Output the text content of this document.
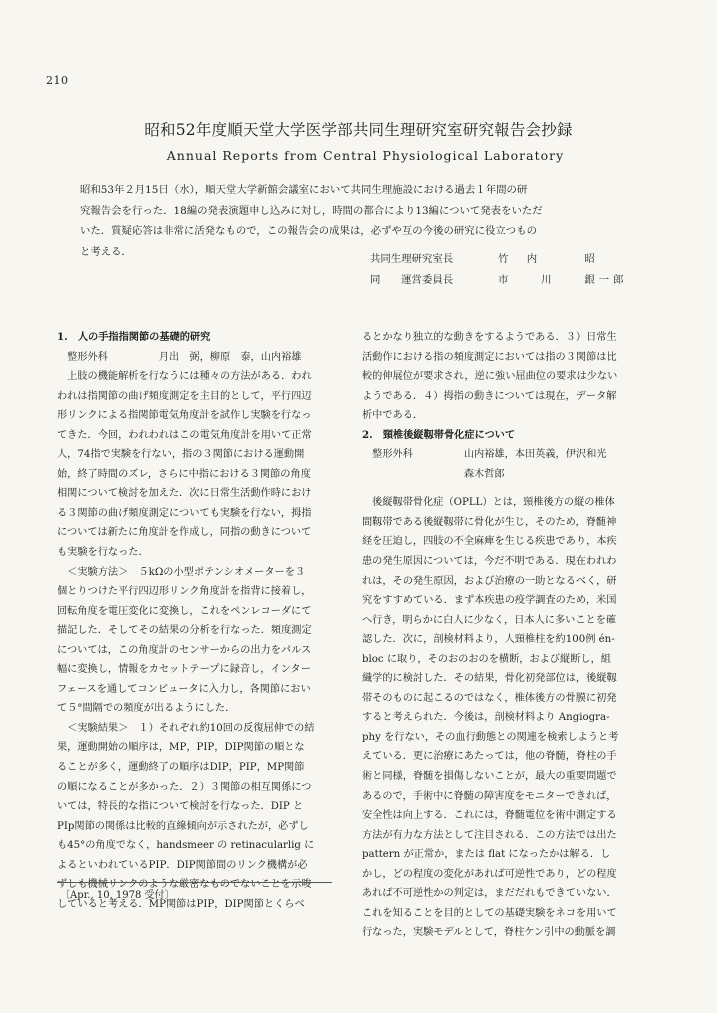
210
昭和52年度順天堂大学医学部共同生理研究室研究報告会抄録
Annual Reports from Central Physiological Laboratory
昭和53年２月15日（水），順天堂大学新館会議室において共同生理施設における過去１年間の研
究報告会を行った．18編の発表演題申し込みに対し，時間の都合により13編について発表をいただ
いた．質疑応答は非常に活発なもので，この報告会の成果は，必ずや互の今後の研究に役立つもの
と考える．
共同生理研究室長	竹　内　　　昭
同　　運営委員長	市　　川　　銀一郎
1.　人の手指指関節の基礎的研究
　整形外科　　　　　月出　弼，柳原　泰，山内裕雄
　上肢の機能解析を行なうには種々の方法がある．われ
われは指関節の曲げ頻度測定を主目的として，平行四辺
形リンクによる指関節電気角度計を試作し実験を行なっ
てきた．今回，われわれはこの電気角度計を用いて正常
人，74指で実験を行ない，指の３関節における運動開
始，終了時間のズレ，さらに中指における３関節の角度
相関について検討を加えた．次に日常生活動作時におけ
る３関節の曲げ頻度測定についても実験を行ない，拇指
については新たに角度計を作成し，同指の動きについて
も実験を行なった．
　＜実験方法＞　５kΩの小型ポテンシオメーターを３
個とりつけた平行四辺形リンク角度計を指背に接着し，
回転角度を電圧変化に変換し，これをペンレコーダにて
描記した．そしてその結果の分析を行なった．頻度測定
については，この角度計のセンサーからの出力をパルス
幅に変換し，情報をカセットテープに録音し，インター
フェースを通してコンピュータに入力し，各関節におい
て５°間隔での頻度が出るようにした．
　＜実験結果＞　１）それぞれ約10回の反復屈伸での結
果，運動開始の順序は，MP，PIP，DIP関節の順とな
ることが多く，運動終了の順序はDIP，PIP，MP関節
の順になることが多かった．２）３関節の相互関係につ
いては，特長的な指について検討を行なった．DIP と
PIp関節の関係は比較的直線傾向が示されたが，必ずし
も45°の角度でなく，handsmeer の retinacularlig に
よるといわれているPIP．DIP関節間のリンク機構が必
ずしも機械リンクのような厳密なものでないことを示唆
していると考える．MP関節はPIP，DIP関節とくらべ
るとかなり独立的な動きをするようである．３）日常生
活動作における指の頻度測定においては指の３関節は比
較的伸展位が要求され，逆に強い屈曲位の要求は少ない
ようである．４）拇指の動きについては現在，データ解
析中である．
2.　頸椎後縦靱帯骨化症について
　整形外科　　　　　山内裕雄，本田英義，伊沢和光
　　　　　　　　　　森木哲郎
　後縦靱帯骨化症（OPLL）とは，頸椎後方の縦の椎体
間靱帯である後縦靱帯に骨化が生じ，そのため，脊髄神
経を圧迫し，四肢の不全麻痺を生じる疾患であり，本疾
患の発生原因については，今だ不明である．現在われわ
れは，その発生原因，および治療の一助となるべく，研
究をすすめている．まず本疾患の疫学調査のため，米国
へ行き，明らかに白人に少なく，日本人に多いことを確
認した．次に，剖検材料より，人頸椎柱を約100例 én-
bloc に取り，そのおのおのを横断，および縦断し，組
織学的に検討した．その結果，骨化初発部位は，後縦靱
帯そのものに起こるのではなく，椎体後方の骨膜に初発
すると考えられた．今後は，剖検材料より Angiogra-
phy を行ない，その血行動態との関連を検索しようと考
えている．更に治療にあたっては，他の脊髄，脊柱の手
術と同様，脊髄を損傷しないことが，最大の重要問題で
あるので，手術中に脊髄の障害度をモニターできれば，
安全性は向上する．これには，脊髄電位を術中測定する
方法が有力な方法として注目される．この方法では出た
pattern が正常か，または flat になったかは解る．し
かし，どの程度の変化があれば可逆性であり，どの程度
あれば不可逆性かの判定は，まだだれもできていない．
これを知ることを目的としての基礎実験をネコを用いて
行なった，実験モデルとして，脊柱ケン引中の動脈を調
〔Apr., 10, 1978 受付〕
